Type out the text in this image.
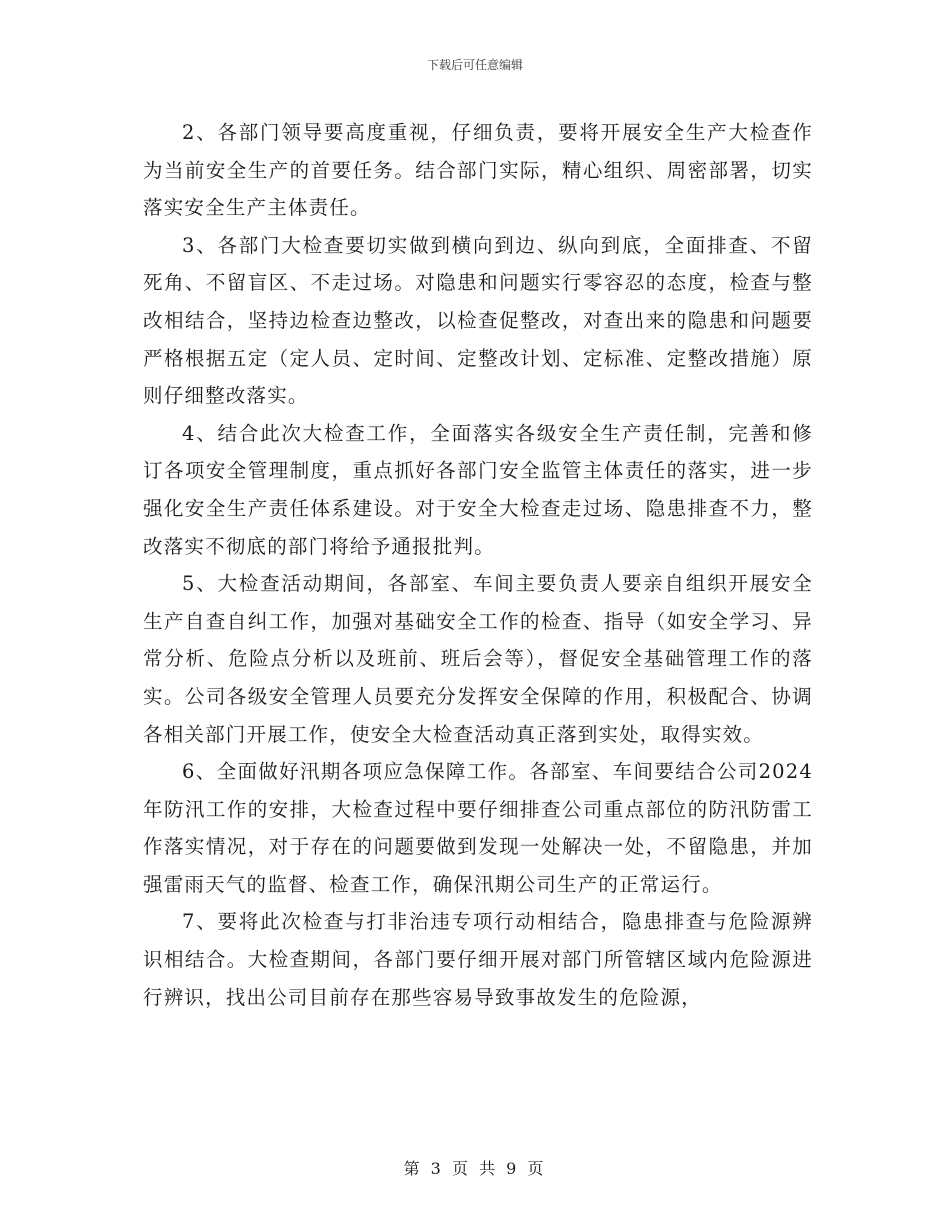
下载后可任意编辑

2、各部门领导要高度重视，仔细负责，要将开展安全生产大检查作为当前安全生产的首要任务。结合部门实际，精心组织、周密部署，切实落实安全生产主体责任。

3、各部门大检查要切实做到横向到边、纵向到底，全面排查、不留死角、不留盲区、不走过场。对隐患和问题实行零容忍的态度，检查与整改相结合，坚持边检查边整改，以检查促整改，对查出来的隐患和问题要严格根据五定（定人员、定时间、定整改计划、定标准、定整改措施）原则仔细整改落实。

4、结合此次大检查工作，全面落实各级安全生产责任制，完善和修订各项安全管理制度，重点抓好各部门安全监管主体责任的落实，进一步强化安全生产责任体系建设。对于安全大检查走过场、隐患排查不力，整改落实不彻底的部门将给予通报批判。

5、大检查活动期间，各部室、车间主要负责人要亲自组织开展安全生产自查自纠工作，加强对基础安全工作的检查、指导（如安全学习、异常分析、危险点分析以及班前、班后会等），督促安全基础管理工作的落实。公司各级安全管理人员要充分发挥安全保障的作用，积极配合、协调各相关部门开展工作，使安全大检查活动真正落到实处，取得实效。

6、全面做好汛期各项应急保障工作。各部室、车间要结合公司2024年防汛工作的安排，大检查过程中要仔细排查公司重点部位的防汛防雷工作落实情况，对于存在的问题要做到发现一处解决一处，不留隐患，并加强雷雨天气的监督、检查工作，确保汛期公司生产的正常运行。

7、要将此次检查与打非治违专项行动相结合，隐患排查与危险源辨识相结合。大检查期间，各部门要仔细开展对部门所管辖区域内危险源进行辨识，找出公司目前存在那些容易导致事故发生的危险源，

第 3 页 共 9 页
